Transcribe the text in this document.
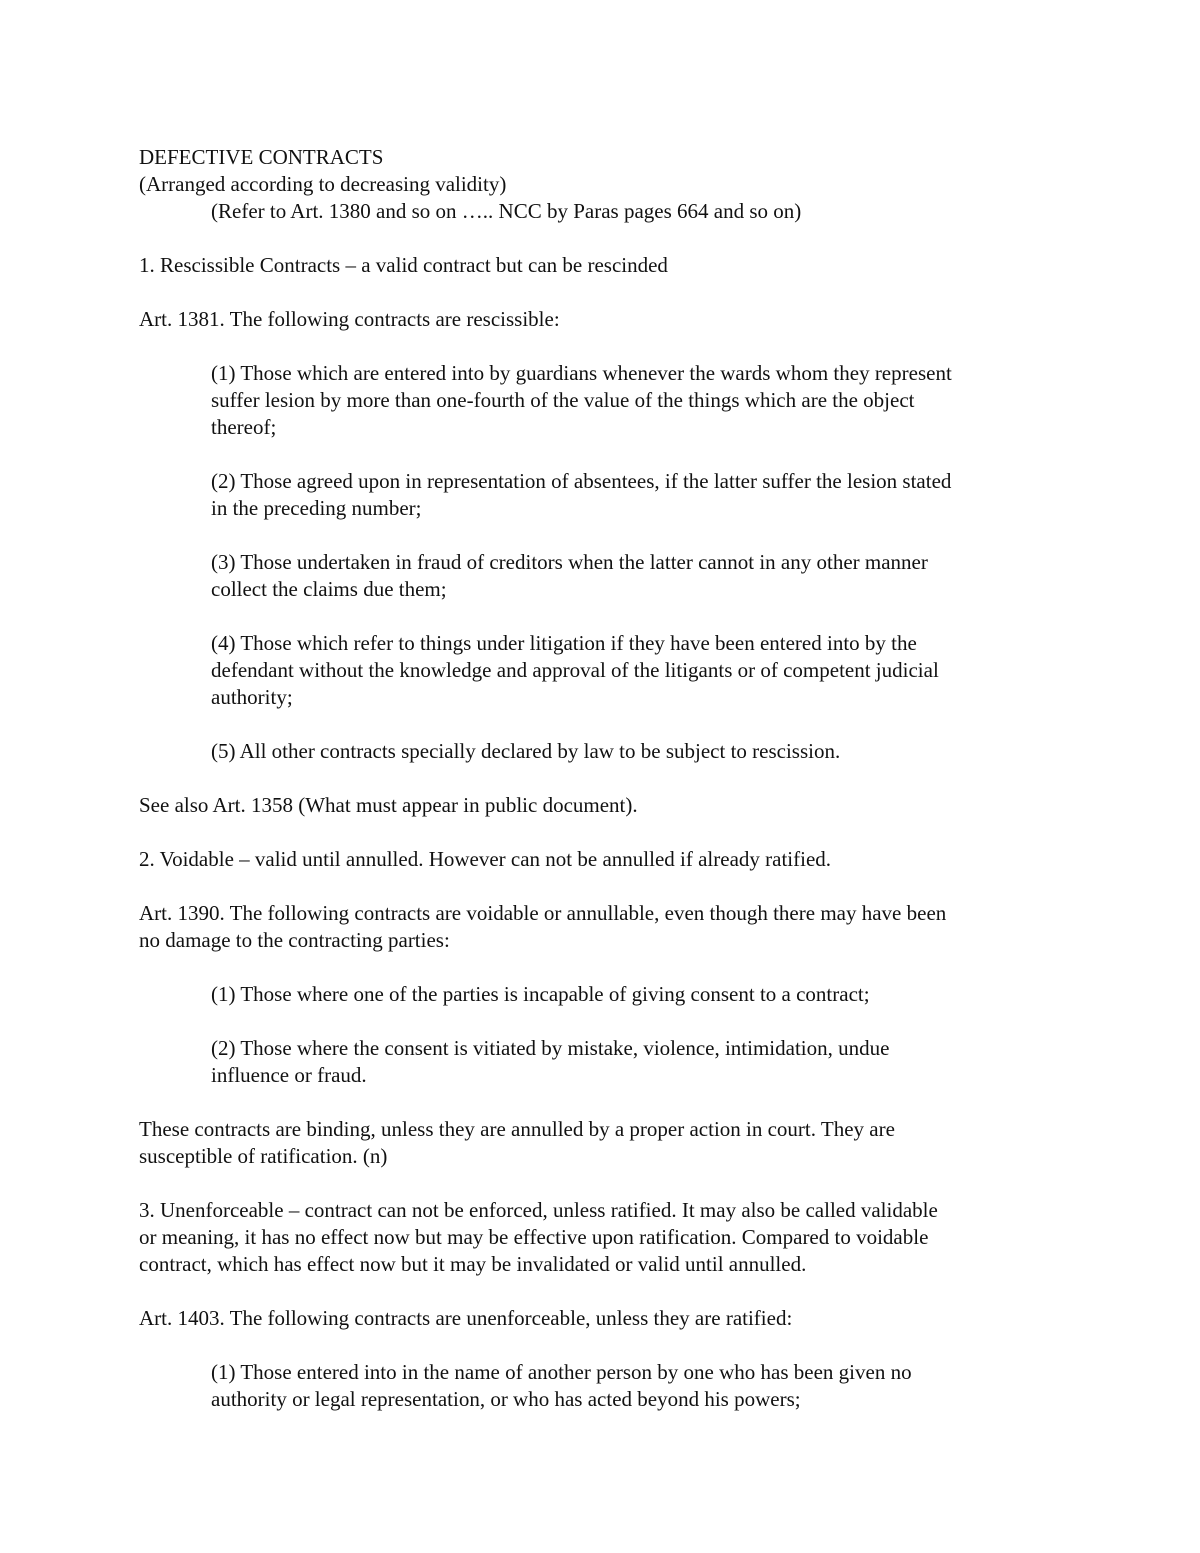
DEFECTIVE CONTRACTS
(Arranged according to decreasing validity)
(Refer to Art. 1380 and so on ….. NCC by Paras pages 664 and so on)
1. Rescissible Contracts – a valid contract but can be rescinded
Art. 1381. The following contracts are rescissible:
(1) Those which are entered into by guardians whenever the wards whom they represent
suffer lesion by more than one-fourth of the value of the things which are the object
thereof;
(2) Those agreed upon in representation of absentees, if the latter suffer the lesion stated
in the preceding number;
(3) Those undertaken in fraud of creditors when the latter cannot in any other manner
collect the claims due them;
(4) Those which refer to things under litigation if they have been entered into by the
defendant without the knowledge and approval of the litigants or of competent judicial
authority;
(5) All other contracts specially declared by law to be subject to rescission.
See also Art. 1358 (What must appear in public document).
2. Voidable – valid until annulled. However can not be annulled if already ratified.
Art. 1390. The following contracts are voidable or annullable, even though there may have been
no damage to the contracting parties:
(1) Those where one of the parties is incapable of giving consent to a contract;
(2) Those where the consent is vitiated by mistake, violence, intimidation, undue
influence or fraud.
These contracts are binding, unless they are annulled by a proper action in court. They are
susceptible of ratification. (n)
3. Unenforceable – contract can not be enforced, unless ratified. It may also be called validable
or meaning, it has no effect now but may be effective upon ratification. Compared to voidable
contract, which has effect now but it may be invalidated or valid until annulled.
Art. 1403. The following contracts are unenforceable, unless they are ratified:
(1) Those entered into in the name of another person by one who has been given no
authority or legal representation, or who has acted beyond his powers;
